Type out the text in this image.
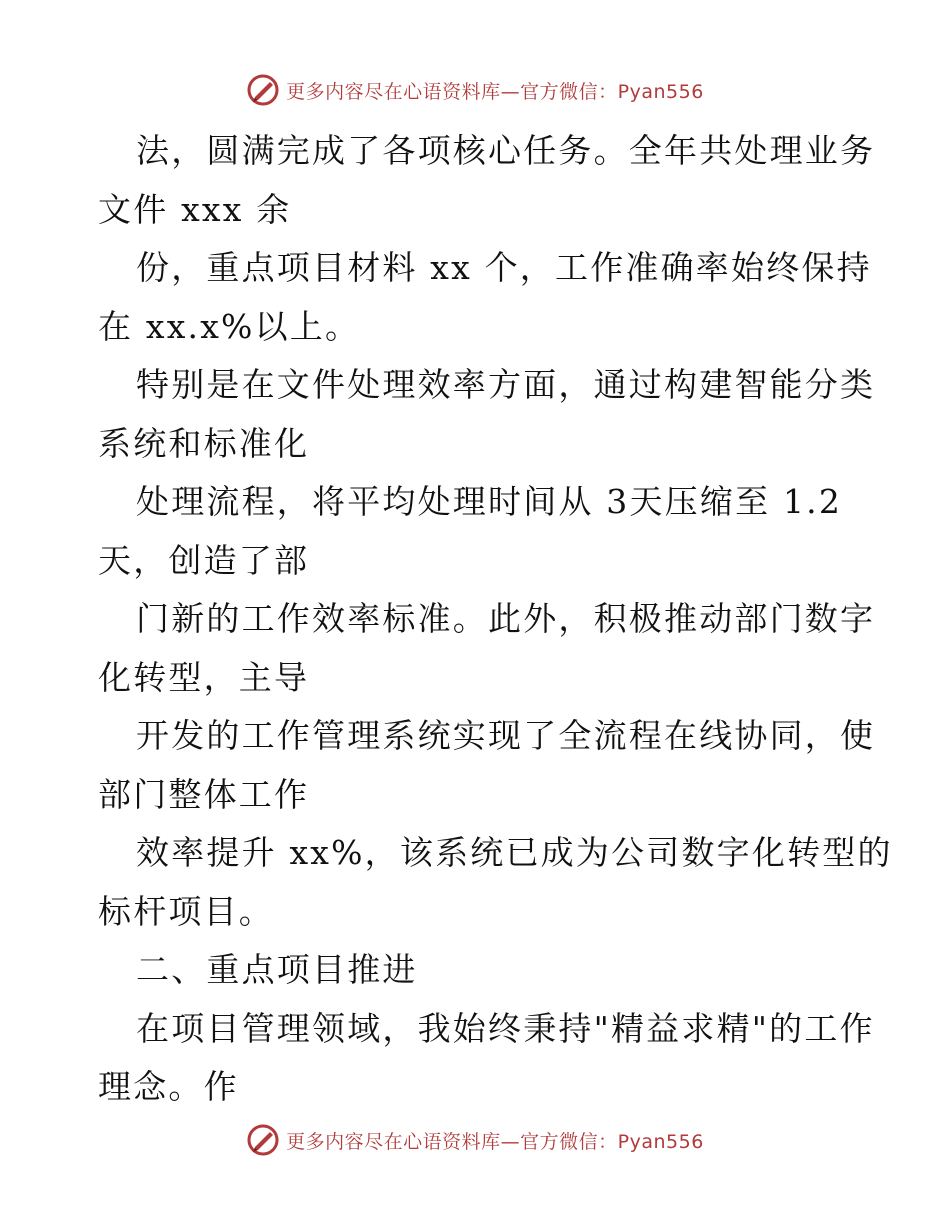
更多内容尽在心语资料库—官方微信：Pyan556
法，圆满完成了各项核心任务。全年共处理业务
文件 xxx 余
份，重点项目材料 xx 个，工作准确率始终保持
在 xx.x%以上。
特别是在文件处理效率方面，通过构建智能分类
系统和标准化
处理流程，将平均处理时间从 3天压缩至 1.2
天，创造了部
门新的工作效率标准。此外，积极推动部门数字
化转型，主导
开发的工作管理系统实现了全流程在线协同，使
部门整体工作
效率提升 xx%，该系统已成为公司数字化转型的
标杆项目。
二、重点项目推进
在项目管理领域，我始终秉持"精益求精"的工作
理念。作
更多内容尽在心语资料库—官方微信：Pyan556
